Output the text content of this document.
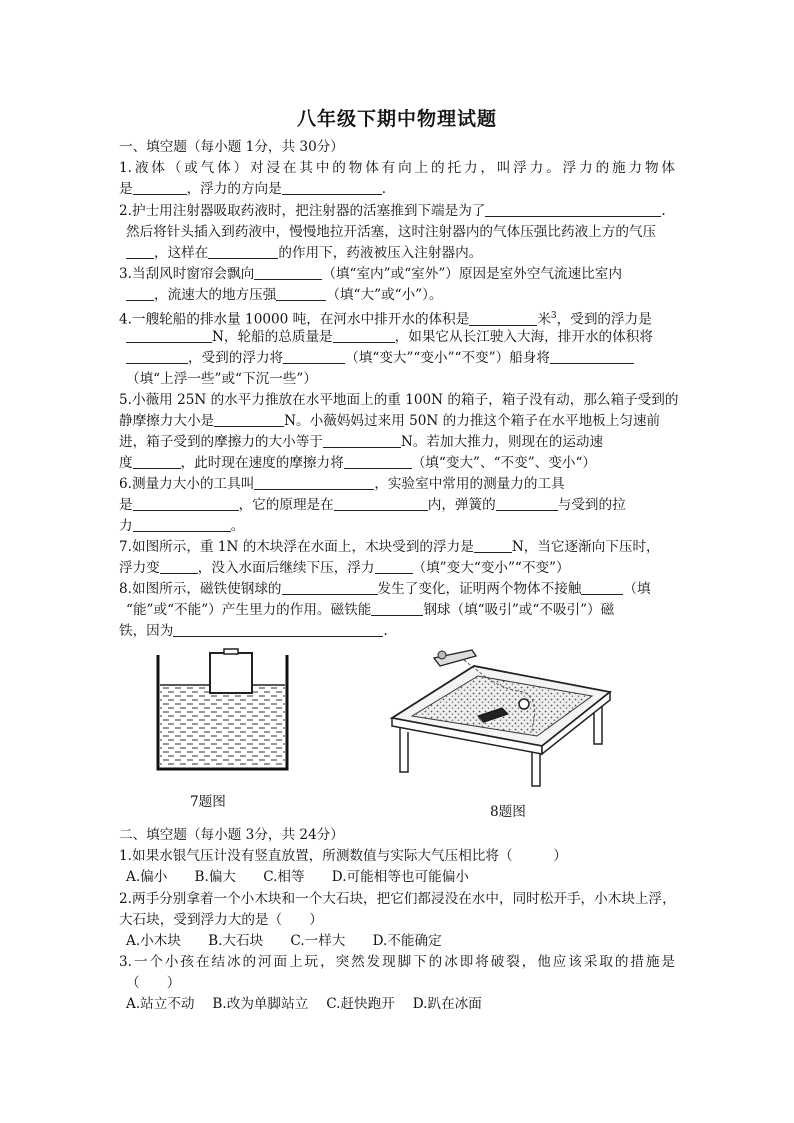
八年级下期中物理试题
一、填空题（每小题 1分，共 30分）
1.液体（或气体）对浸在其中的物体有向上的托力，叫浮力。浮力的施力物体
是	，浮力的方向是	.
2.护士用注射器吸取药液时，把注射器的活塞推到下端是为了	.
然后将针头插入到药液中，慢慢地拉开活塞，这时注射器内的气体压强比药液上方的气压
，这样在	的作用下，药液被压入注射器内。
3.当刮风时窗帘会飘向	（填“室内”或“室外”）原因是室外空气流速比室内
，流速大的地方压强	（填“大”或“小”）。
4.一艘轮船的排水量 10000 吨，在河水中排开水的体积是	米$^3$，受到的浮力是
N，轮船的总质量是	，如果它从长江驶入大海，排开水的体积将
，受到的浮力将	（填“变大”“变小”“不变”）船身将
（填“上浮一些”或“下沉一些”）
5.小薇用 25N 的水平力推放在水平地面上的重 100N 的箱子，箱子没有动，那么箱子受到的
静摩擦力大小是	N。小薇妈妈过来用 50N 的力推这个箱子在水平地板上匀速前
进，箱子受到的摩擦力的大小等于	N。若加大推力，则现在的运动速
度	，此时现在速度的摩擦力将	（填“变大”、“不变”、变小“）
6.测量力大小的工具叫	，实验室中常用的测量力的工具
是	，它的原理是在	内，弹簧的	与受到的拉
力	。
7.如图所示，重 1N 的木块浮在水面上，木块受到的浮力是	N，当它逐渐向下压时，
浮力变	，没入水面后继续下压，浮力	（填”变大“变小”“不变”）
8.如图所示，磁铁使钢球的	发生了变化，证明两个物体不接触	（填
“能”或“不能”）产生里力的作用。磁铁能	钢球（填“吸引”或“不吸引”）磁
铁，因为	.
7题图
8题图
二、填空题（每小题 3分，共 24分）
1.如果水银气压计没有竖直放置，所测数值与实际大气压相比将（　　　）
A.偏小　　B.偏大　　C.相等　　D.可能相等也可能偏小
2.两手分别拿着一个小木块和一个大石块，把它们都浸没在水中，同时松开手，小木块上浮，
大石块，受到浮力大的是（　　）
A.小木块　　B.大石块　　C.一样大　　D.不能确定
3.一个小孩在结冰的河面上玩，突然发现脚下的冰即将破裂，他应该采取的措施是
（　　）
A.站立不动　 B.改为单脚站立　 C.赶快跑开　 D.趴在冰面
